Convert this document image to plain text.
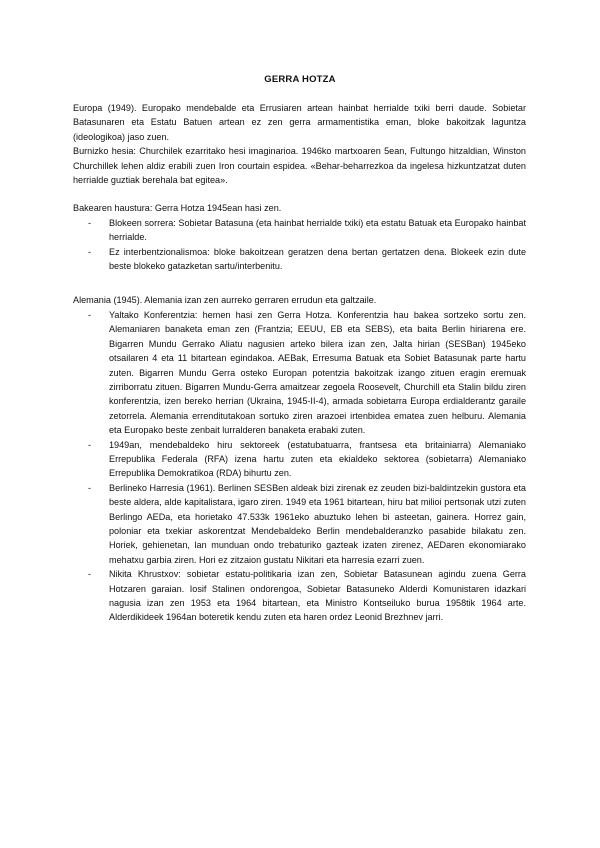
GERRA HOTZA

Europa (1949). Europako mendebalde eta Errusiaren artean hainbat herrialde txiki berri daude. Sobietar Batasunaren eta Estatu Batuen artean ez zen gerra armamentistika eman, bloke bakoitzak laguntza (ideologikoa) jaso zuen.

Burnizko hesia: Churchilek ezarritako hesi imaginarioa. 1946ko martxoaren 5ean, Fultungo hitzaldian, Winston Churchillek lehen aldiz erabili zuen Iron courtain espidea. «Behar-beharrezkoa da ingelesa hizkuntzatzat duten herrialde guztiak berehala bat egitea».

Bakearen haustura: Gerra Hotza 1945ean hasi zen.

- Blokeen sorrera: Sobietar Batasuna (eta hainbat herrialde txiki) eta estatu Batuak eta Europako hainbat herrialde.
- Ez interbentzionalismoa: bloke bakoitzean geratzen dena bertan gertatzen dena. Blokeek ezin dute beste blokeko gatazketan sartu/interbenitu.

Alemania (1945). Alemania izan zen aurreko gerraren errudun eta galtzaile.

- Yaltako Konferentzia: hemen hasi zen Gerra Hotza. Konferentzia hau bakea sortzeko sortu zen. Alemaniaren banaketa eman zen (Frantzia; EEUU, EB eta SEBS), eta baita Berlin hiriarena ere. Bigarren Mundu Gerrako Aliatu nagusien arteko bilera izan zen, Jalta hirian (SESBan) 1945eko otsailaren 4 eta 11 bitartean egindakoa. AEBak, Erresuma Batuak eta Sobiet Batasunak parte hartu zuten. Bigarren Mundu Gerra osteko Europan potentzia bakoitzak izango zituen eragin eremuak zirriborratu zituen. Bigarren Mundu-Gerra amaitzear zegoela Roosevelt, Churchill eta Stalin bildu ziren konferentzia, izen bereko herrian (Ukraina, 1945-II-4), armada sobietarra Europa erdialderantz garaile zetorrela. Alemania errenditutakoan sortuko ziren arazoei irtenbidea ematea zuen helburu. Alemania eta Europako beste zenbait lurralderen banaketa erabaki zuten.
- 1949an, mendebaldeko hiru sektoreek (estatubatuarra, frantsesa eta britainiarra) Alemaniako Errepublika Federala (RFA) izena hartu zuten eta ekialdeko sektorea (sobietarra) Alemaniako Errepublika Demokratikoa (RDA) bihurtu zen.
- Berlineko Harresia (1961). Berlinen SESBen aldeak bizi zirenak ez zeuden bizi-baldintzekin gustora eta beste aldera, alde kapitalistara, igaro ziren. 1949 eta 1961 bitartean, hiru bat milioi pertsonak utzi zuten Berlingo AEDa, eta horietako 47.533k 1961eko abuztuko lehen bi asteetan, gainera. Horrez gain, poloniar eta txekiar askorentzat Mendebaldeko Berlin mendebalderanzko pasabide bilakatu zen. Horiek, gehienetan, lan munduan ondo trebaturiko gazteak izaten zirenez, AEDaren ekonomiarako mehatxu garbia ziren. Hori ez zitzaion gustatu Nikitari eta harresia ezarri zuen.
- Nikita Khrustxov: sobietar estatu-politikaria izan zen, Sobietar Batasunean agindu zuena Gerra Hotzaren garaian. Iosif Stalinen ondorengoa, Sobietar Batasuneko Alderdi Komunistaren idazkari nagusia izan zen 1953 eta 1964 bitartean, eta Ministro Kontseiluko burua 1958tik 1964 arte. Alderdikideek 1964an boteretik kendu zuten eta haren ordez Leonid Brezhnev jarri.
